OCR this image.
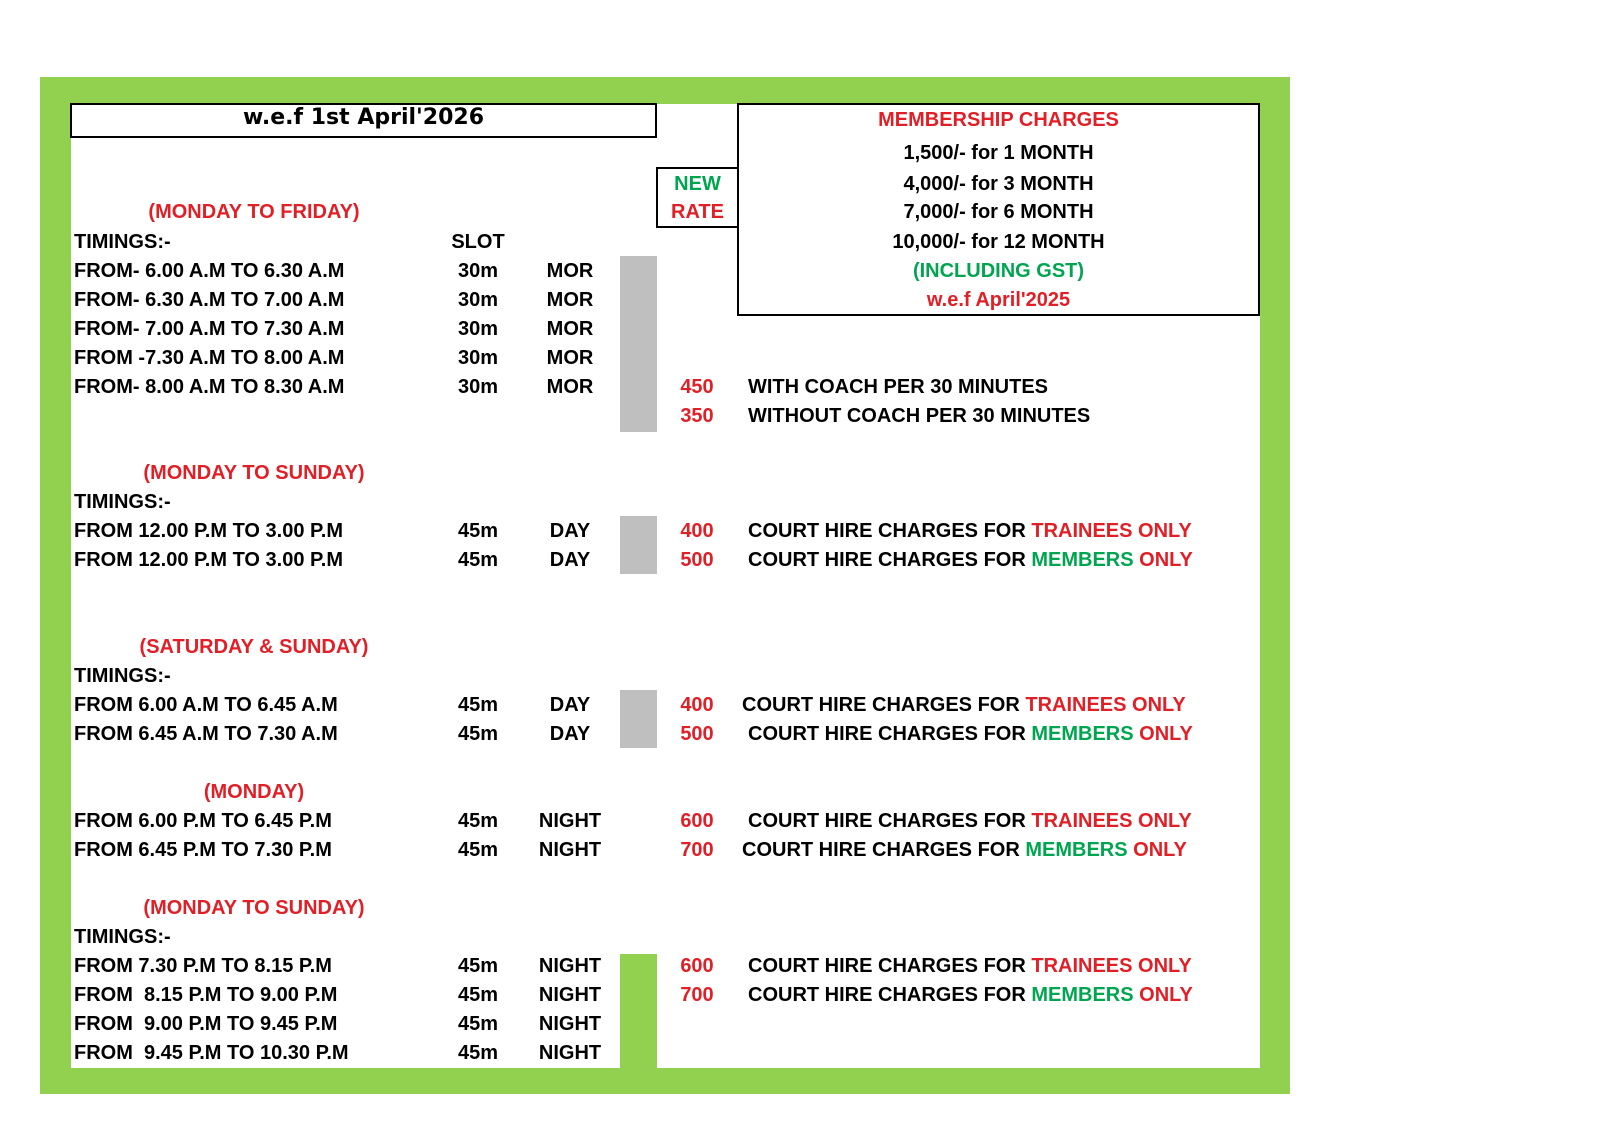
w.e.f 1st April'2026
NEW
RATE
MEMBERSHIP CHARGES
1,500/- for 1 MONTH
4,000/- for 3 MONTH
7,000/- for 6 MONTH
10,000/- for 12 MONTH
(INCLUDING GST)
w.e.f April'2025
(MONDAY TO FRIDAY)
TIMINGS:-	SLOT
FROM- 6.00 A.M TO 6.30 A.M	30m	MOR
FROM- 6.30 A.M TO 7.00 A.M	30m	MOR
FROM- 7.00 A.M TO 7.30 A.M	30m	MOR
FROM -7.30 A.M TO 8.00 A.M	30m	MOR
FROM- 8.00 A.M TO 8.30 A.M	30m	MOR	450	WITH COACH PER 30 MINUTES
350	WITHOUT COACH PER 30 MINUTES
(MONDAY TO SUNDAY)
TIMINGS:-
FROM 12.00 P.M TO 3.00 P.M	45m	DAY	400	COURT HIRE CHARGES FOR TRAINEES ONLY
FROM 12.00 P.M TO 3.00 P.M	45m	DAY	500	COURT HIRE CHARGES FOR MEMBERS ONLY
(SATURDAY & SUNDAY)
TIMINGS:-
FROM 6.00 A.M TO 6.45 A.M	45m	DAY	400	COURT HIRE CHARGES FOR TRAINEES ONLY
FROM 6.45 A.M TO 7.30 A.M	45m	DAY	500	COURT HIRE CHARGES FOR MEMBERS ONLY
(MONDAY)
FROM 6.00 P.M TO 6.45 P.M	45m	NIGHT	600	COURT HIRE CHARGES FOR TRAINEES ONLY
FROM 6.45 P.M TO 7.30 P.M	45m	NIGHT	700	COURT HIRE CHARGES FOR MEMBERS ONLY
(MONDAY TO SUNDAY)
TIMINGS:-
FROM 7.30 P.M TO 8.15 P.M	45m	NIGHT	600	COURT HIRE CHARGES FOR TRAINEES ONLY
FROM  8.15 P.M TO 9.00 P.M	45m	NIGHT	700	COURT HIRE CHARGES FOR MEMBERS ONLY
FROM  9.00 P.M TO 9.45 P.M	45m	NIGHT
FROM  9.45 P.M TO 10.30 P.M	45m	NIGHT
